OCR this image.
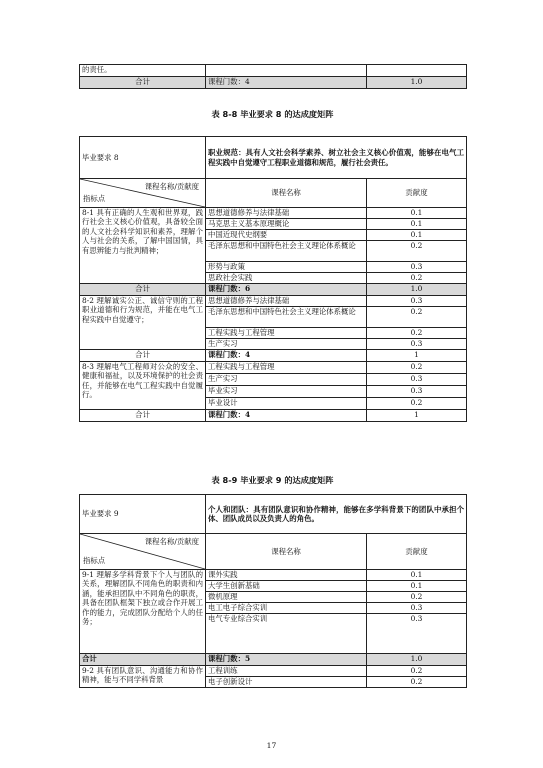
的责任。		
合计	课程门数：4	1.0
表 8-8 毕业要求 8 的达成度矩阵
毕业要求 8	职业规范：具有人文社会科学素养、树立社会主义核心价值观，能够在电气工程实践中自觉遵守工程职业道德和规范，履行社会责任。	

课程名称/贡献度
指标点	课程名称	贡献度
8-1 具有正确的人生观和世界观，践行社会主义核心价值观，具备较全面的人文社会科学知识和素养，理解个人与社会的关系，了解中国国情，具有思辨能力与批判精神；	思想道德修养与法律基础	0.1
	马克思主义基本原理概论	0.1
	中国近现代史纲要	0.1
	毛泽东思想和中国特色社会主义理论体系概论	0.2
	形势与政策	0.3
	思政社会实践	0.2
合计	课程门数：6	1.0
8-2 理解诚实公正、诚信守则的工程职业道德和行为规范，并能在电气工程实践中自觉遵守；	思想道德修养与法律基础	0.3
	毛泽东思想和中国特色社会主义理论体系概论	0.2
	工程实践与工程管理	0.2
	生产实习	0.3
合计	课程门数：4	1
8-3 理解电气工程师对公众的安全、健康和福祉，以及环境保护的社会责任，并能够在电气工程实践中自觉履行。	工程实践与工程管理	0.2
	生产实习	0.3
	毕业实习	0.3
	毕业设计	0.2
合计	课程门数：4	1
表 8-9 毕业要求 9 的达成度矩阵
毕业要求 9	个人和团队：具有团队意识和协作精神，能够在多学科背景下的团队中承担个体、团队成员以及负责人的角色。	

课程名称/贡献度
指标点	课程名称	贡献度
9-1 理解多学科背景下个人与团队的关系，理解团队不同角色的职责和内涵，能承担团队中不同角色的职责，具备在团队框架下独立或合作开展工作的能力，完成团队分配给个人的任务；	课外实践	0.1
	大学生创新基础	0.1
	微机原理	0.2
	电工电子综合实训	0.3
	电气专业综合实训	0.3
合计	课程门数：5	1.0
9-2 具有团队意识、沟通能力和协作精神，能与不同学科背景	工程训练	0.2
	电子创新设计	0.2
17
